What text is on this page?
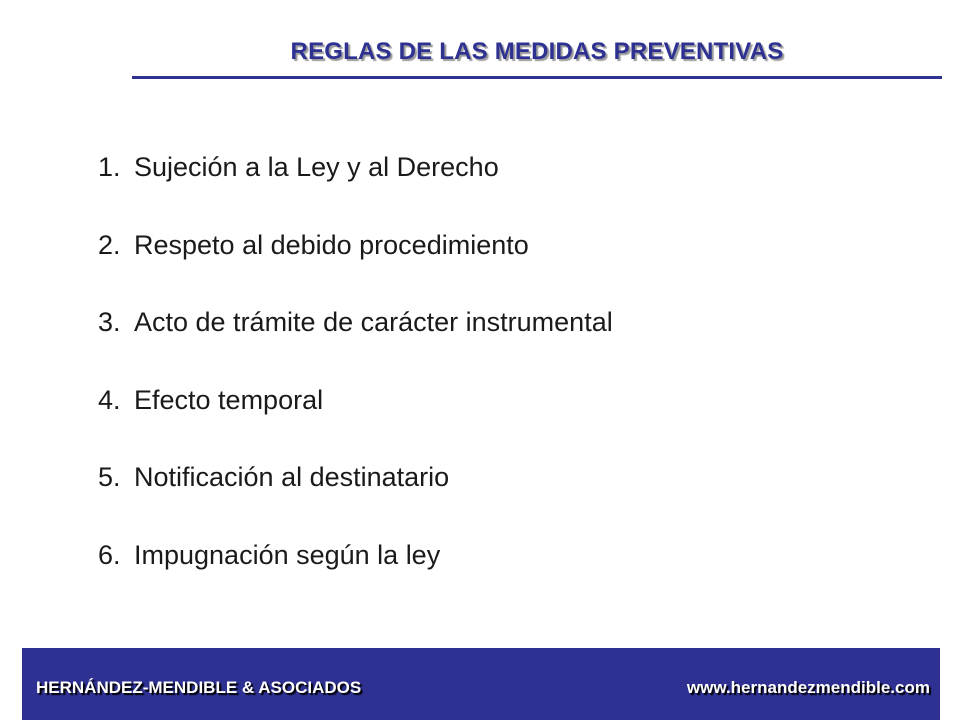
REGLAS DE LAS MEDIDAS PREVENTIVAS
1. Sujeción a la Ley y al Derecho
2. Respeto al debido procedimiento
3. Acto de trámite de carácter instrumental
4. Efecto temporal
5. Notificación al destinatario
6. Impugnación según la ley
HERNÁNDEZ-MENDIBLE & ASOCIADOS	www.hernandezmendible.com
